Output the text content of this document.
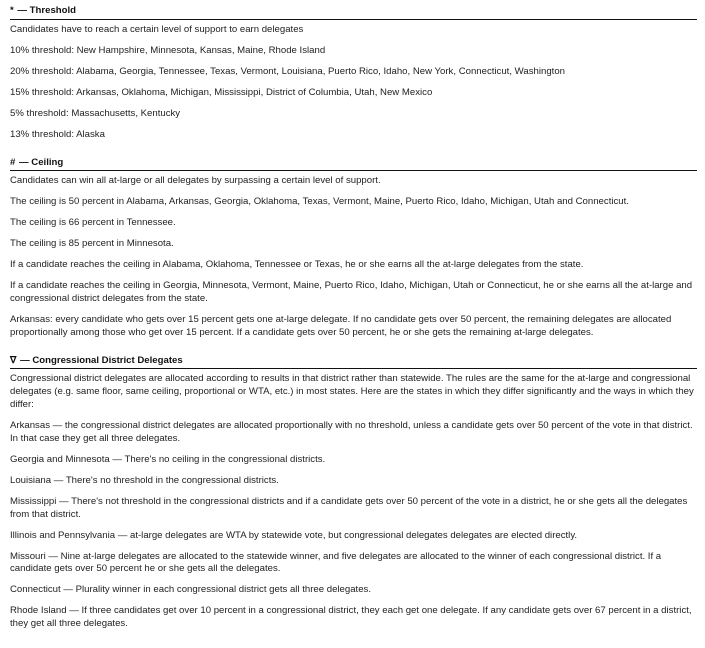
* — Threshold
Candidates have to reach a certain level of support to earn delegates
10% threshold: New Hampshire, Minnesota, Kansas, Maine, Rhode Island
20% threshold: Alabama, Georgia, Tennessee, Texas, Vermont, Louisiana, Puerto Rico, Idaho, New York, Connecticut, Washington
15% threshold: Arkansas, Oklahoma, Michigan, Mississippi, District of Columbia, Utah, New Mexico
5% threshold: Massachusetts, Kentucky
13% threshold: Alaska
# — Ceiling
Candidates can win all at-large or all delegates by surpassing a certain level of support.
The ceiling is 50 percent in Alabama, Arkansas, Georgia, Oklahoma, Texas, Vermont, Maine, Puerto Rico, Idaho, Michigan, Utah and Connecticut.
The ceiling is 66 percent in Tennessee.
The ceiling is 85 percent in Minnesota.
If a candidate reaches the ceiling in Alabama, Oklahoma, Tennessee or Texas, he or she earns all the at-large delegates from the state.
If a candidate reaches the ceiling in Georgia, Minnesota, Vermont, Maine, Puerto Rico, Idaho, Michigan, Utah or Connecticut, he or she earns all the at-large and congressional district delegates from the state.
Arkansas: every candidate who gets over 15 percent gets one at-large delegate. If no candidate gets over 50 percent, the remaining delegates are allocated proportionally among those who get over 15 percent. If a candidate gets over 50 percent, he or she gets the remaining at-large delegates.
∇ — Congressional District Delegates
Congressional district delegates are allocated according to results in that district rather than statewide. The rules are the same for the at-large and congressional delegates (e.g. same floor, same ceiling, proportional or WTA, etc.) in most states. Here are the states in which they differ significantly and the ways in which they differ:
Arkansas — the congressional district delegates are allocated proportionally with no threshold, unless a candidate gets over 50 percent of the vote in that district. In that case they get all three delegates.
Georgia and Minnesota — There's no ceiling in the congressional districts.
Louisiana — There's no threshold in the congressional districts.
Mississippi — There's not threshold in the congressional districts and if a candidate gets over 50 percent of the vote in a district, he or she gets all the delegates from that district.
Illinois and Pennsylvania — at-large delegates are WTA by statewide vote, but congressional delegates delegates are elected directly.
Missouri — Nine at-large delegates are allocated to the statewide winner, and five delegates are allocated to the winner of each congressional district. If a candidate gets over 50 percent he or she gets all the delegates.
Connecticut — Plurality winner in each congressional district gets all three delegates.
Rhode Island — If three candidates get over 10 percent in a congressional district, they each get one delegate. If any candidate gets over 67 percent in a district, they get all three delegates.
